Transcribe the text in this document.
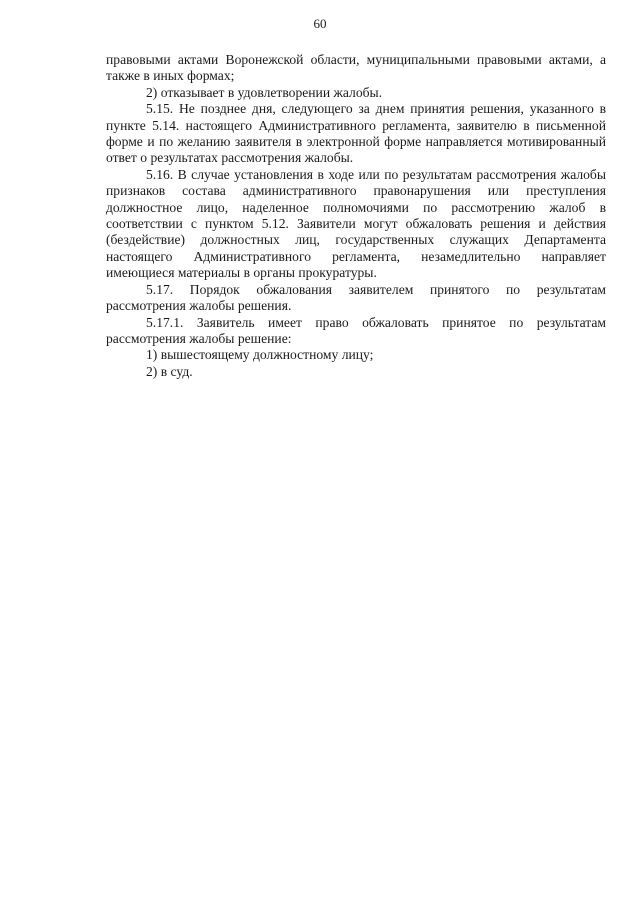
60

правовыми актами Воронежской области, муниципальными правовыми актами, а также в иных формах;

2) отказывает в удовлетворении жалобы.

5.15. Не позднее дня, следующего за днем принятия решения, указанного в пункте 5.14. настоящего Административного регламента, заявителю в письменной форме и по желанию заявителя в электронной форме направляется мотивированный ответ о результатах рассмотрения жалобы.

5.16. В случае установления в ходе или по результатам рассмотрения жалобы признаков состава административного правонарушения или преступления должностное лицо, наделенное полномочиями по рассмотрению жалоб в соответствии с пунктом 5.12. Заявители могут обжаловать решения и действия (бездействие) должностных лиц, государственных служащих Департамента настоящего Административного регламента, незамедлительно направляет имеющиеся материалы в органы прокуратуры.

5.17. Порядок обжалования заявителем принятого по результатам рассмотрения жалобы решения.

5.17.1. Заявитель имеет право обжаловать принятое по результатам рассмотрения жалобы решение:

1) вышестоящему должностному лицу;

2) в суд.
